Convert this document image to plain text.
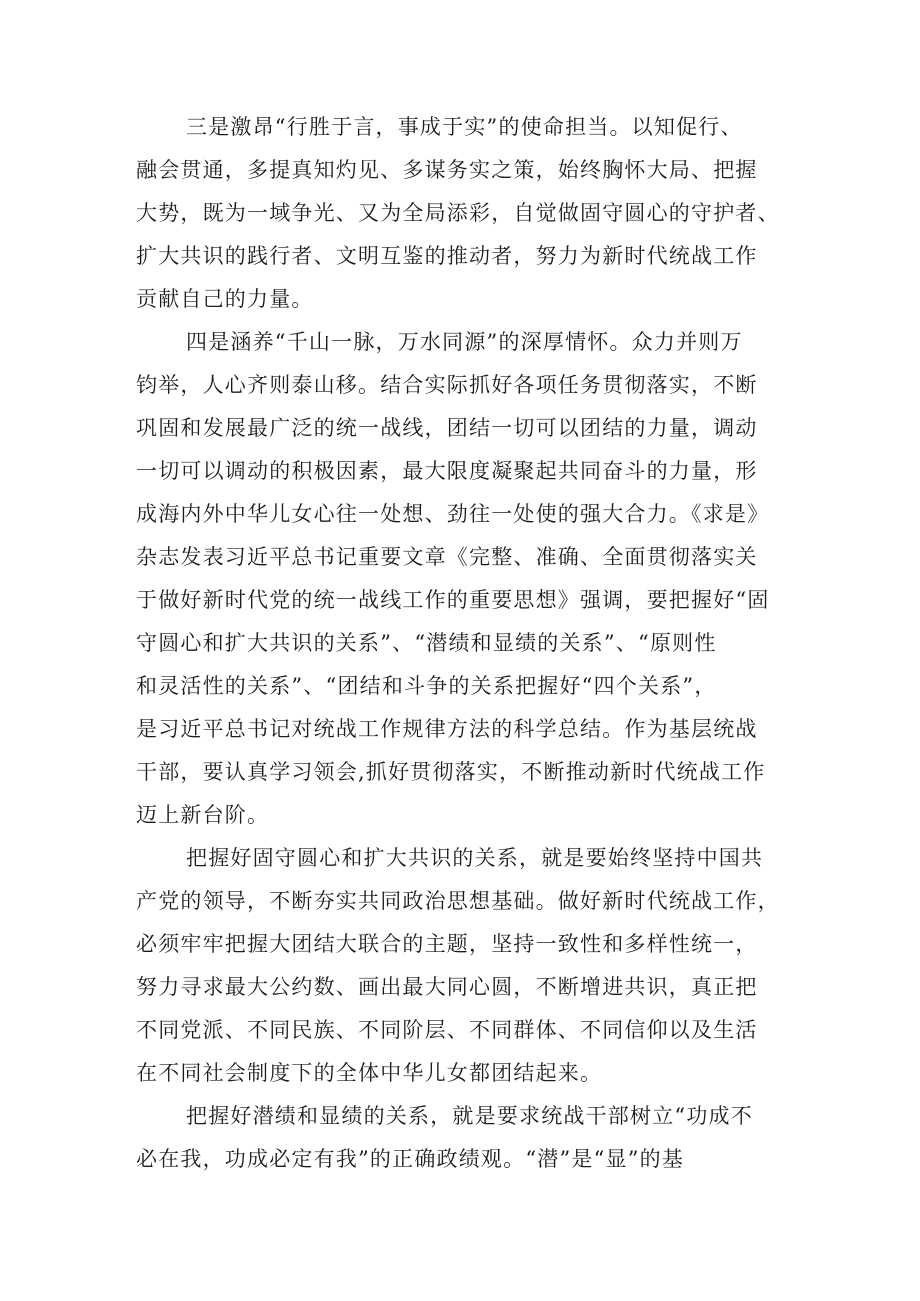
三是激昂“行胜于言，事成于实”的使命担当。以知促行、
融会贯通，多提真知灼见、多谋务实之策，始终胸怀大局、把握
大势，既为一域争光、又为全局添彩，自觉做固守圆心的守护者、
扩大共识的践行者、文明互鉴的推动者，努力为新时代统战工作
贡献自己的力量。
四是涵养“千山一脉，万水同源”的深厚情怀。众力并则万
钧举，人心齐则泰山移。结合实际抓好各项任务贯彻落实，不断
巩固和发展最广泛的统一战线，团结一切可以团结的力量，调动
一切可以调动的积极因素，最大限度凝聚起共同奋斗的力量，形
成海内外中华儿女心往一处想、劲往一处使的强大合力。《求是》
杂志发表习近平总书记重要文章《完整、准确、全面贯彻落实关
于做好新时代党的统一战线工作的重要思想》强调，要把握好“固
守圆心和扩大共识的关系”、“潜绩和显绩的关系”、“原则性
和灵活性的关系”、“团结和斗争的关系把握好“四个关系”，
是习近平总书记对统战工作规律方法的科学总结。作为基层统战
干部，要认真学习领会,抓好贯彻落实，不断推动新时代统战工作
迈上新台阶。
把握好固守圆心和扩大共识的关系，就是要始终坚持中国共
产党的领导，不断夯实共同政治思想基础。做好新时代统战工作，
必须牢牢把握大团结大联合的主题，坚持一致性和多样性统一，
努力寻求最大公约数、画出最大同心圆，不断增进共识，真正把
不同党派、不同民族、不同阶层、不同群体、不同信仰以及生活
在不同社会制度下的全体中华儿女都团结起来。
把握好潜绩和显绩的关系，就是要求统战干部树立“功成不
必在我，功成必定有我”的正确政绩观。“潜”是“显”的基
